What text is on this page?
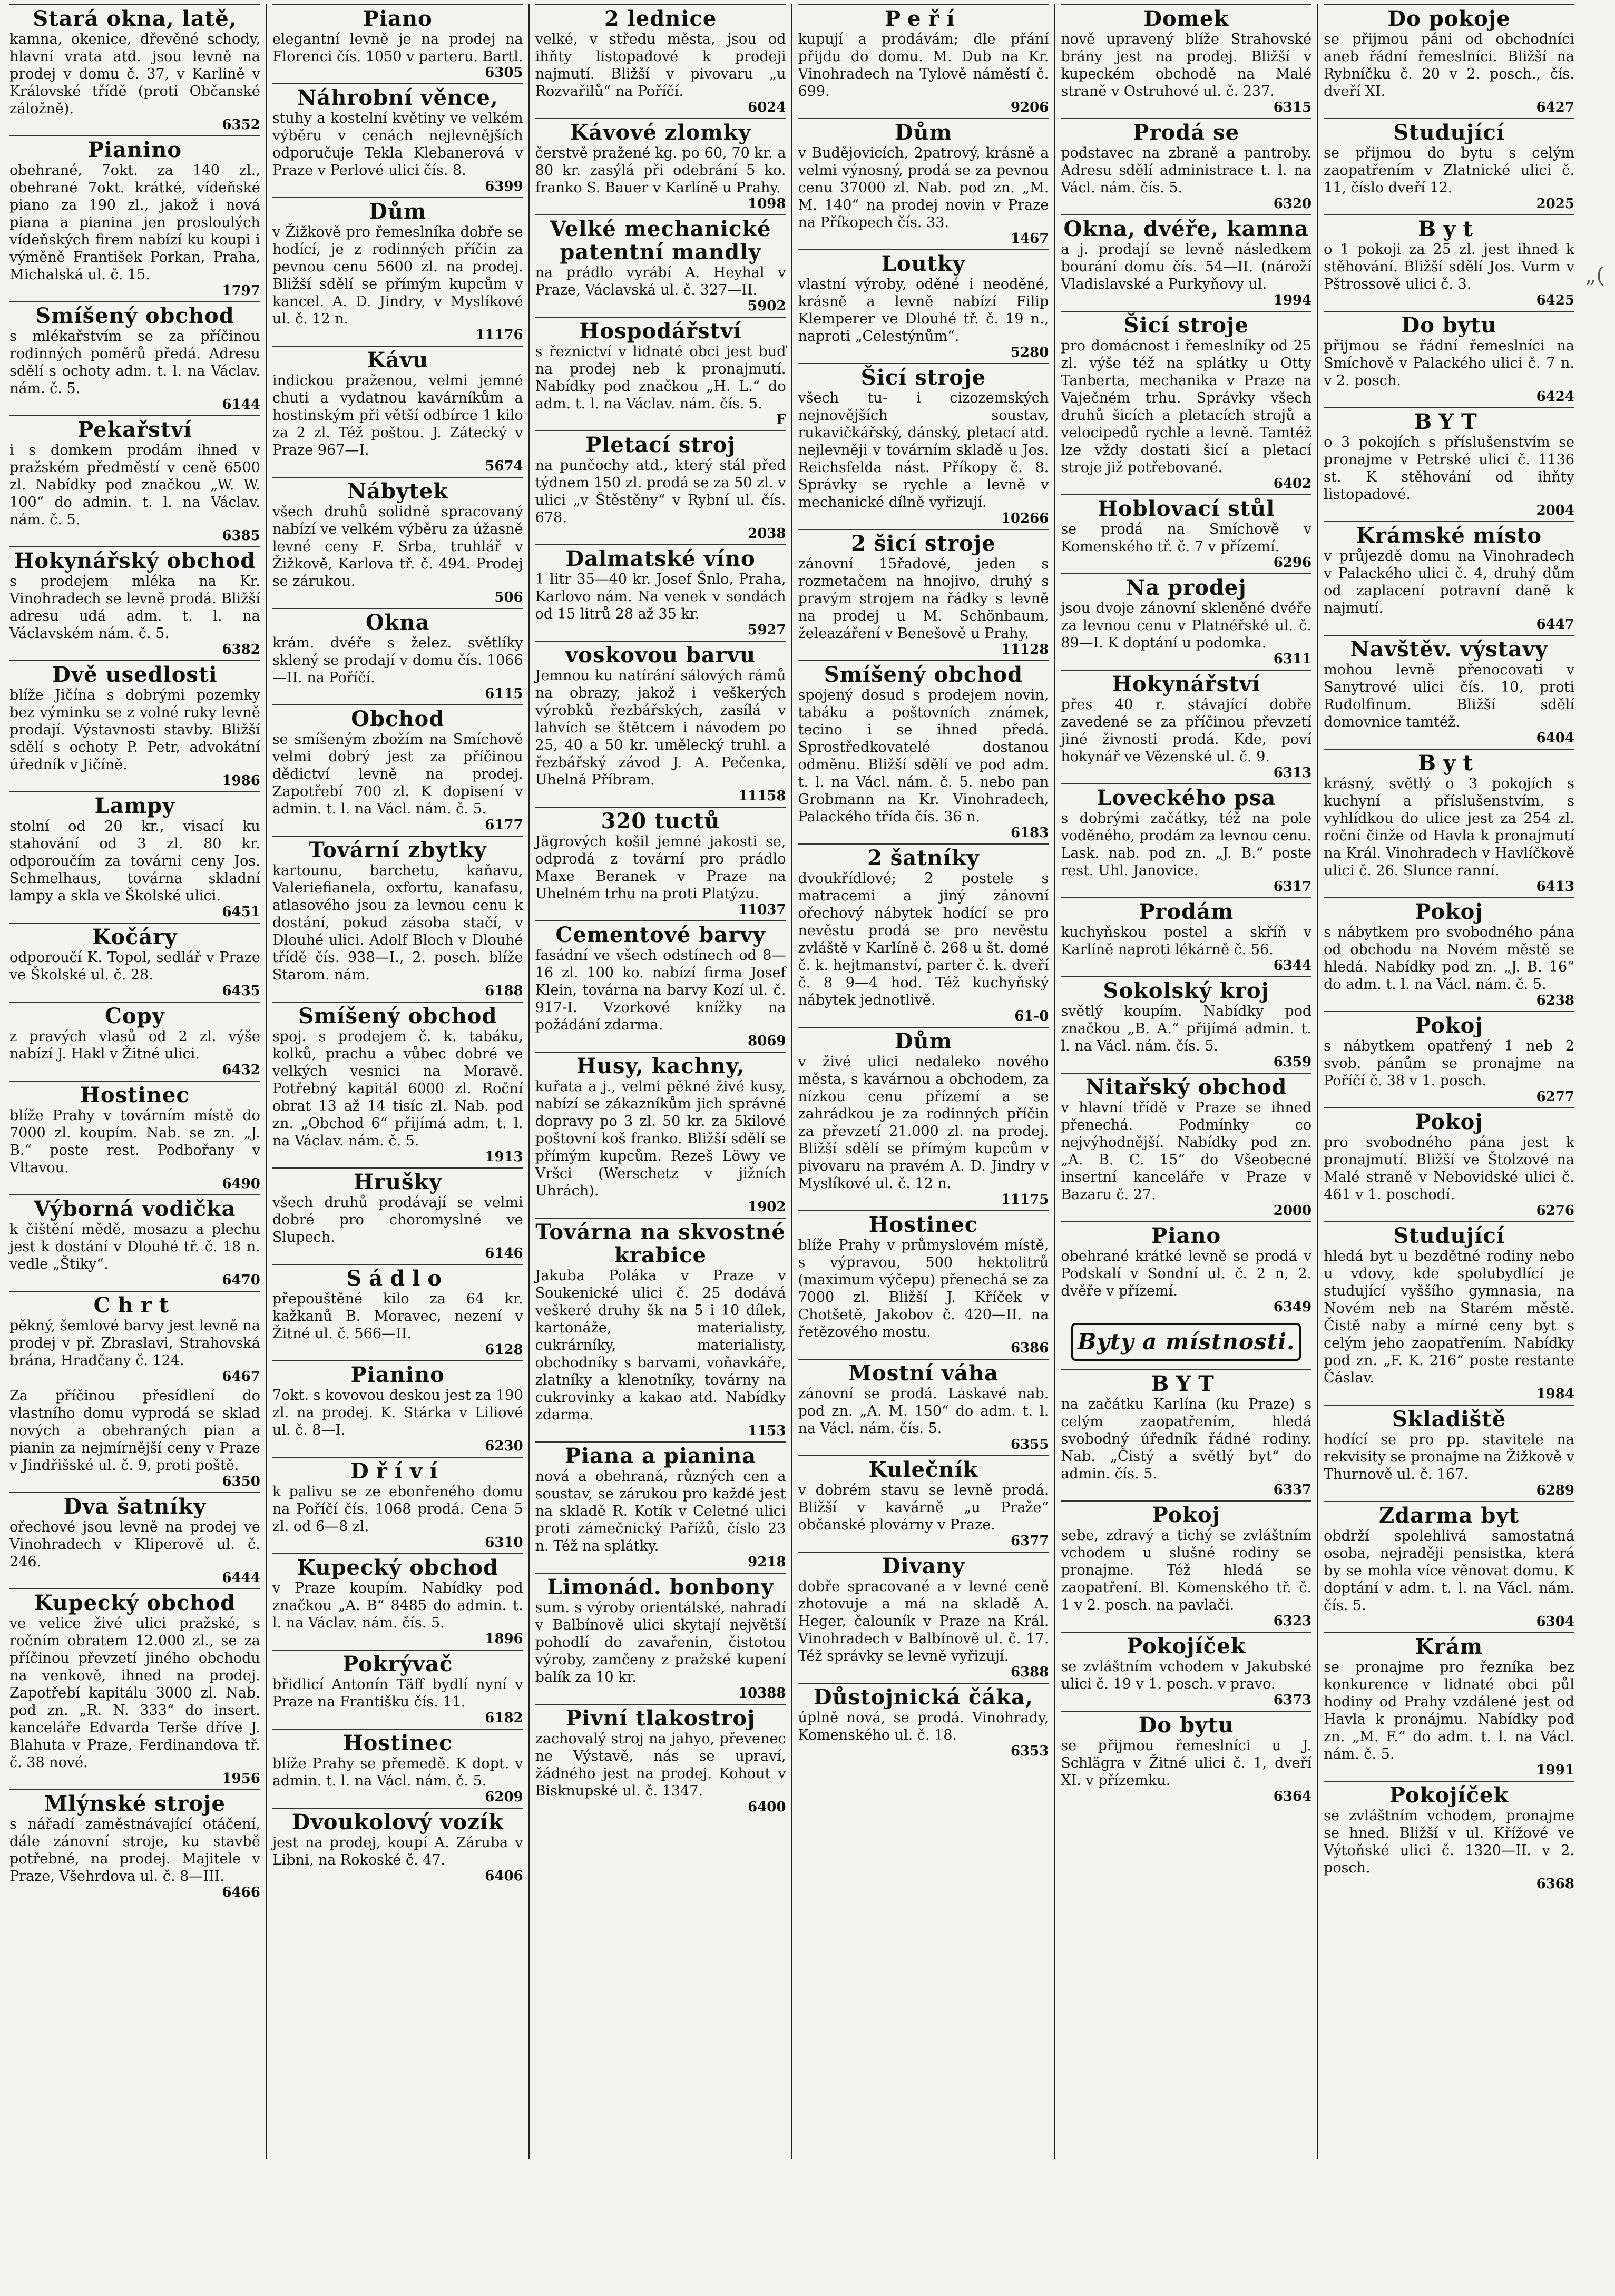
Stará okna, latě,
kamna, okenice, dřevěné schody, hlavní vrata atd. jsou levně na prodej v domu č. 37, v Karlině v Královské třídě (proti Občanské záložně).
6352
Pianino
obehrané, 7okt. za 140 zl., obehrané 7okt. krátké, vídeňské piano za 190 zl., jakož i nová piana a pianina jen prosloulých vídeňských firem nabízí ku koupi i výměně František Porkan, Praha, Michalská ul. č. 15.
1797
Smíšený obchod
s mlékařstvím se za příčinou rodinných poměrů předá. Adresu sdělí s ochoty adm. t. l. na Václav. nám. č. 5.
6144
Pekařství
i s domkem prodám ihned v pražském předměstí v ceně 6500 zl. Nabídky pod značkou „W. W. 100“ do admin. t. l. na Václav. nám. č. 5.
6385
Hokynářský obchod
s prodejem mléka na Kr. Vinohradech se levně prodá. Bližší adresu udá adm. t. l. na Václavském nám. č. 5.
6382
Dvě usedlosti
blíže Jičína s dobrými pozemky bez výminku se z volné ruky levně prodají. Výstavnosti stavby. Bližší sdělí s ochoty P. Petr, advokátní úředník v Jičíně.
1986
Lampy
stolní od 20 kr., visací ku stahování od 3 zl. 80 kr. odporoučím za továrni ceny Jos. Schmelhaus, továrna skladní lampy a skla ve Školské ulici.
6451
Kočáry
odporoučí K. Topol, sedlář v Praze ve Školské ul. č. 28.
6435
Copy
z pravých vlasů od 2 zl. výše nabízí J. Hakl v Žitné ulici.
6432
Hostinec
blíže Prahy v továrním místě do 7000 zl. koupím. Nab. se zn. „J. B.“ poste rest. Podbořany v Vltavou.
6490
Výborná vodička
k čištění mědě, mosazu a plechu jest k dostání v Dlouhé tř. č. 18 n. vedle „Štiky“.
6470
Chrt
pěkný, šemlové barvy jest levně na prodej v př. Zbraslavi, Strahovská brána, Hradčany č. 124.
6467
Za příčinou přesídlení do vlastního domu vyprodá se sklad nových a obehraných pian a pianin za nejmírnější ceny v Praze v Jindřišské ul. č. 9, proti poště.
6350
Dva šatníky
ořechové jsou levně na prodej ve Vinohradech v Kliperově ul. č. 246.
6444
Kupecký obchod
ve velice živé ulici pražské, s ročním obratem 12.000 zl., se za příčinou převzetí jiného obchodu na venkově, ihned na prodej. Zapotřebí kapitálu 3000 zl. Nab. pod zn. „R. N. 333“ do insert. kanceláře Edvarda Terše dříve J. Blahuta v Praze, Ferdinandova tř. č. 38 nové.
1956
Mlýnské stroje
s nářadí zaměstnávající otáčení, dále zánovní stroje, ku stavbě potřebné, na prodej. Majitele v Praze, Všehrdova ul. č. 8—III.
6466
Piano
elegantní levně je na prodej na Florenci čís. 1050 v parteru. Bartl.
6305
Náhrobní věnce,
stuhy a kostelní květiny ve velkém výběru v cenách nejlevnějších odporučuje Tekla Klebanerová v Praze v Perlové ulici čís. 8.
6399
Dům
v Žižkově pro řemeslníka dobře se hodící, je z rodinných příčin za pevnou cenu 5600 zl. na prodej. Bližší sdělí se přímým kupcům v kancel. A. D. Jindry, v Myslíkové ul. č. 12 n.
11176
Kávu
indickou praženou, velmi jemné chuti a vydatnou kavárníkům a hostinským při větší odbírce 1 kilo za 2 zl. Též poštou. J. Zátecký v Praze 967—I.
5674
Nábytek
všech druhů solidně spracovaný nabízí ve velkém výběru za úžasně levné ceny F. Srba, truhlář v Žižkově, Karlova tř. č. 494. Prodej se zárukou.
506
Okna
krám. dvéře s želez. světlíky sklený se prodají v domu čís. 1066—II. na Poříčí.
6115
Obchod
se smíšeným zbožím na Smíchově velmi dobrý jest za příčinou dědictví levně na prodej. Zapotřebí 700 zl. K dopisení v admin. t. l. na Václ. nám. č. 5.
6177
Tovární zbytky
kartounu, barchetu, kaňavu, Valeriefianela, oxfortu, kanafasu, atlasového jsou za levnou cenu k dostání, pokud zásoba stačí, v Dlouhé ulici. Adolf Bloch v Dlouhé třídě čís. 938—I., 2. posch. blíže Starom. nám.
6188
Smíšený obchod
spoj. s prodejem č. k. tabáku, kolků, prachu a vůbec dobré ve velkých vesnici na Moravě. Potřebný kapitál 6000 zl. Roční obrat 13 až 14 tisíc zl. Nab. pod zn. „Obchod 6“ přijímá adm. t. l. na Václav. nám. č. 5.
1913
Hrušky
všech druhů prodávají se velmi dobré pro choromyslné ve Slupech.
6146
Sádlo
přepouštěné kilo za 64 kr. kažkanů B. Moravec, nezení v Žitné ul. č. 566—II.
6128
Pianino
7okt. s kovovou deskou jest za 190 zl. na prodej. K. Stárka v Liliové ul. č. 8—I.
6230
Dříví
k palivu se ze ebonřeného domu na Poříčí čís. 1068 prodá. Cena 5 zl. od 6—8 zl.
6310
Kupecký obchod
v Praze koupím. Nabídky pod značkou „A. B“ 8485 do admin. t. l. na Václav. nám. čís. 5.
1896
Pokrývač
břidlicí Antonín Täff bydlí nyní v Praze na Františku čís. 11.
6182
Hostinec
blíže Prahy se přemedě. K dopt. v admin. t. l. na Václ. nám. č. 5.
6209
Dvoukolový vozík
jest na prodej, koupí A. Záruba v Libni, na Rokoské č. 47.
6406
2 lednice
velké, v středu města, jsou od ihňty listopadové k prodeji najmutí. Bližší v pivovaru „u Rozvařilů“ na Poříčí.
6024
Kávové zlomky
čerstvě pražené kg. po 60, 70 kr. a 80 kr. zasýlá při odebrání 5 ko. franko S. Bauer v Karlíně u Prahy.
1098
Velké mechanické patentní mandly
na prádlo vyrábí A. Heyhal v Praze, Václavská ul. č. 327—II.
5902
Hospodářství
s řeznictví v lidnaté obci jest buď na prodej neb k pronajmutí. Nabídky pod značkou „H. L.“ do adm. t. l. na Václav. nám. čís. 5.
F
Pletací stroj
na punčochy atd., který stál před týdnem 150 zl. prodá se za 50 zl. v ulici „v Štěstěny“ v Rybní ul. čís. 678.
2038
Dalmatské víno
1 litr 35—40 kr. Josef Šnlo, Praha, Karlovo nám. Na venek v sondách od 15 litrů 28 až 35 kr.
5927
voskovou barvu
Jemnou ku natírání sálových rámů na obrazy, jakož i veškerých výrobků řezbářských, zasílá v lahvích se štětcem i návodem po 25, 40 a 50 kr. umělecký truhl. a řezbářský závod J. A. Pečenka, Uhelná Příbram.
11158
320 tuctů
Jägrových košil jemné jakosti se, odprodá z tovární pro prádlo Maxe Beranek v Praze na Uhelném trhu na proti Platýzu.
11037
Cementové barvy
fasádní ve všech odstínech od 8—16 zl. 100 ko. nabízí firma Josef Klein, továrna na barvy Kozí ul. č. 917-I. Vzorkové knížky na požádání zdarma.
8069
Husy, kachny,
kuřata a j., velmi pěkné živé kusy, nabízí se zákazníkům jich správné dopravy po 3 zl. 50 kr. za 5kilové poštovní koš franko. Bližší sdělí se přímým kupcům. Rezeš Löwy ve Vršci (Werschetz v jižních Uhrách).
1902
Továrna na skvostné krabice
Jakuba Poláka v Praze v Soukenické ulici č. 25 dodává veškeré druhy šk na 5 i 10 dílek, kartonáže, materialisty, cukrárníky, materialisty, obchodníky s barvami, voňavkáře, zlatníky a klenotníky, továrny na cukrovinky a kakao atd. Nabídky zdarma.
1153
Piana a pianina
nová a obehraná, různých cen a soustav, se zárukou pro každé jest na skladě R. Kotík v Celetné ulici proti zámečnický Pařížů, číslo 23 n. Též na splátky.
9218
Limonád. bonbony
sum. s výroby orientálské, nahradí v Balbínově ulici skytají největší pohodlí do zavařenin, čistotou výroby, zamčeny z pražské kupení balík za 10 kr.
10388
Pivní tlakostroj
zachovalý stroj na jahyo, převenec ne Výstavě, nás se upraví, žádného jest na prodej. Kohout v Bisknupské ul. č. 1347.
6400
Peří
kupují a prodávám; dle přání přijdu do domu. M. Dub na Kr. Vinohradech na Tylově náměstí č. 699.
9206
Dům
v Budějovicích, 2patrový, krásně a velmi výnosný, prodá se za pevnou cenu 37000 zl. Nab. pod zn. „M. M. 140“ na prodej novin v Praze na Příkopech čís. 33.
1467
Loutky
vlastní výroby, oděné i neoděné, krásně a levně nabízí Filip Klemperer ve Dlouhé tř. č. 19 n., naproti „Celestýnům“.
5280
Šicí stroje
všech tu- i cizozemských nejnovějších soustav, rukavičkářský, dánský, pletací atd. nejlevněji v továrním skladě u Jos. Reichsfelda nást. Příkopy č. 8. Správky se rychle a levně v mechanické dílně vyřizují.
10266
2 šicí stroje
zánovní 15řadové, jeden s rozmetačem na hnojivo, druhý s pravým strojem na řádky s levně na prodej u M. Schönbaum, želeazáření v Benešově u Prahy.
11128
Smíšený obchod
spojený dosud s prodejem novin, tabáku a poštovních známek, tecino i se ihned předá. Sprostředkovatelé dostanou odměnu. Bližší sdělí ve pod adm. t. l. na Václ. nám. č. 5. nebo pan Grobmann na Kr. Vinohradech, Palackého třída čís. 36 n.
6183
2 šatníky
dvoukřídlové; 2 postele s matracemi a jiný zánovní ořechový nábytek hodící se pro nevěstu prodá se pro nevěstu zvláště v Karlíně č. 268 u št. domé č. k. hejtmanství, parter č. k. dveří č. 8 9—4 hod. Též kuchyňský nábytek jednotlivě.
61-0
Dům
v živé ulici nedaleko nového města, s kavárnou a obchodem, za nízkou cenu přízemí a se zahrádkou je za rodinných příčin za převzetí 21.000 zl. na prodej. Bližší sdělí se přímým kupcům v pivovaru na pravém A. D. Jindry v Myslíkové ul. č. 12 n.
11175
Hostinec
blíže Prahy v průmyslovém místě, s výpravou, 500 hektolitrů (maximum výčepu) přenechá se za 7000 zl. Bližší J. Kříček v Chotšetě, Jakobov č. 420—II. na řetězového mostu.
6386
Mostní váha
zánovní se prodá. Laskavé nab. pod zn. „A. M. 150“ do adm. t. l. na Václ. nám. čís. 5.
6355
Kulečník
v dobrém stavu se levně prodá. Bližší v kavárně „u Praže“ občanské plovárny v Praze.
6377
Divany
dobře spracované a v levné ceně zhotovuje a má na skladě A. Heger, čalouník v Praze na Král. Vinohradech v Balbínově ul. č. 17. Též správky se levně vyřizují.
6388
Důstojnická čáka,
úplně nová, se prodá. Vinohrady, Komenského ul. č. 18.
6353
Domek
nově upravený blíže Strahovské brány jest na prodej. Bližší v kupeckém obchodě na Malé straně v Ostruhové ul. č. 237.
6315
Prodá se
podstavec na zbraně a pantroby. Adresu sdělí administrace t. l. na Václ. nám. čís. 5.
6320
Okna, dvéře, kamna
a j. prodají se levně následkem bourání domu čís. 54—II. (nároží Vladislavské a Purkyňovy ul.
1994
Šicí stroje
pro domácnost i řemeslníky od 25 zl. výše též na splátky u Otty Tanberta, mechanika v Praze na Vaječném trhu. Správky všech druhů šicích a pletacích strojů a velocipedů rychle a levně. Tamtéž lze vždy dostati šicí a pletací stroje již potřebované.
6402
Hoblovací stůl
se prodá na Smíchově v Komenského tř. č. 7 v přízemí.
6296
Na prodej
jsou dvoje zánovní skleněné dvéře za levnou cenu v Platnéřské ul. č. 89—I. K doptání u podomka.
6311
Hokynářství
přes 40 r. stávající dobře zavedené se za příčinou převzetí jiné živnosti prodá. Kde, poví hokynář ve Vězenské ul. č. 9.
6313
Loveckého psa
s dobrými začátky, též na pole voděného, prodám za levnou cenu. Lask. nab. pod zn. „J. B.“ poste rest. Uhl. Janovice.
6317
Prodám
kuchyňskou postel a skříň v Karlíně naproti lékárně č. 56.
6344
Sokolský kroj
světlý koupím. Nabídky pod značkou „B. A.“ přijímá admin. t. l. na Václ. nám. čís. 5.
6359
Nitařský obchod
v hlavní třídě v Praze se ihned přenechá. Podmínky co nejvýhodnější. Nabídky pod zn. „A. B. C. 15“ do Všeobecné insertní kanceláře v Praze v Bazaru č. 27.
2000
Piano
obehrané krátké levně se prodá v Podskalí v Sondní ul. č. 2 n, 2. dvěře v přízemí.
6349
Byty a místnosti.
BYT
na začátku Karlína (ku Praze) s celým zaopatřením, hledá svobodný úředník řádné rodiny. Nab. „Čistý a světlý byt“ do admin. čís. 5.
6337
Pokoj
sebe, zdravý a tichý se zvláštním vchodem u slušné rodiny se pronajme. Též hledá se zaopatření. Bl. Komenského tř. č. 1 v 2. posch. na pavlači.
6323
Pokojíček
se zvláštním vchodem v Jakubské ulici č. 19 v 1. posch. v pravo.
6373
Do bytu
se přijmou řemeslníci u J. Schlägra v Žitné ulici č. 1, dveří XI. v přízemku.
6364
Do pokoje
se přijmou páni od obchodníci aneb řádní řemeslníci. Bližší na Rybníčku č. 20 v 2. posch., čís. dveří XI.
6427
Studující
se přijmou do bytu s celým zaopatřením v Zlatnické ulici č. 11, číslo dveří 12.
2025
Byt
o 1 pokoji za 25 zl. jest ihned k stěhování. Bližší sdělí Jos. Vurm v Pštrossově ulici č. 3.
6425
Do bytu
přijmou se řádní řemeslníci na Smíchově v Palackého ulici č. 7 n. v 2. posch.
6424
BYT
o 3 pokojích s příslušenstvím se pronajme v Petrské ulici č. 1136 st. K stěhování od ihňty listopadové.
2004
Krámské místo
v průjezdě domu na Vinohradech v Palackého ulici č. 4, druhý dům od zaplacení potravní daně k najmutí.
6447
Navštěv. výstavy
mohou levně přenocovati v Sanytrové ulici čís. 10, proti Rudolfinum. Bližší sdělí domovnice tamtéž.
6404
Byt
krásný, světlý o 3 pokojích s kuchyní a příslušenstvím, s vyhlídkou do ulice jest za 254 zl. roční činže od Havla k pronajmutí na Král. Vinohradech v Havlíčkově ulici č. 26. Slunce ranní.
6413
Pokoj
s nábytkem pro svobodného pána od obchodu na Novém městě se hledá. Nabídky pod zn. „J. B. 16“ do adm. t. l. na Václ. nám. č. 5.
6238
Pokoj
s nábytkem opatřený 1 neb 2 svob. pánům se pronajme na Poříčí č. 38 v 1. posch.
6277
Pokoj
pro svobodného pána jest k pronajmutí. Bližší ve Štolzové na Malé straně v Nebovidské ulici č. 461 v 1. poschodí.
6276
Studující
hledá byt u bezdětné rodiny nebo u vdovy, kde spolubydlící je studující vyššího gymnasia, na Novém neb na Starém městě. Čistě naby a mírné ceny byt s celým jeho zaopatřením. Nabídky pod zn. „F. K. 216“ poste restante Čáslav.
1984
Skladiště
hodící se pro pp. stavitele na rekvisity se pronajme na Žižkově v Thurnově ul. č. 167.
6289
Zdarma byt
obdrží spolehlivá samostatná osoba, nejraději pensistka, která by se mohla více věnovat domu. K doptání v adm. t. l. na Václ. nám. čís. 5.
6304
Krám
se pronajme pro řezníka bez konkurence v lidnaté obci půl hodiny od Prahy vzdálené jest od Havla k pronájmu. Nabídky pod zn. „M. F.“ do adm. t. l. na Václ. nám. č. 5.
1991
Pokojíček
se zvláštním vchodem, pronajme se hned. Bližší v ul. Křížové ve Výtoňské ulici č. 1320—II. v 2. posch.
6368
„(
